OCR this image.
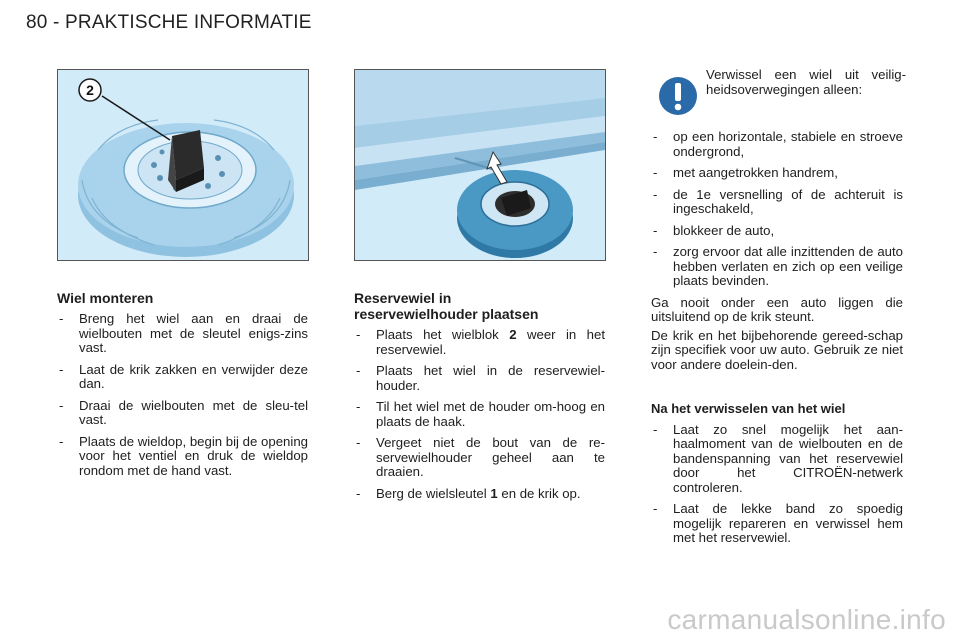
80 - PRAKTISCHE INFORMATIE
2
Wiel monteren
- Breng het wiel aan en draai de wielbouten met de sleutel enigs-zins vast.
- Laat de krik zakken en verwijder deze dan.
- Draai de wielbouten met de sleu-tel vast.
- Plaats de wieldop, begin bij de opening voor het ventiel en druk de wieldop rondom met de hand vast.
Reservewiel in
reservewielhouder plaatsen
- Plaats het wielblok 2 weer in het reservewiel.
- Plaats het wiel in de reservewiel-houder.
- Til het wiel met de houder om-hoog en plaats de haak.
- Vergeet niet de bout van de re-servewielhouder geheel aan te draaien.
- Berg de wielsleutel 1 en de krik op.
Verwissel een wiel uit veilig-heidsoverwegingen alleen:
- op een horizontale, stabiele en stroeve ondergrond,
- met aangetrokken handrem,
- de 1e versnelling of de achteruit is ingeschakeld,
- blokkeer de auto,
- zorg ervoor dat alle inzittenden de auto hebben verlaten en zich op een veilige plaats bevinden.

Ga nooit onder een auto liggen die uitsluitend op de krik steunt.

De krik en het bijbehorende gereed-schap zijn specifiek voor uw auto. Gebruik ze niet voor andere doelein-den.

Na het verwisselen van het wiel
- Laat zo snel mogelijk het aan-haalmoment van de wielbouten en de bandenspanning van het reservewiel door het CITROËN-netwerk controleren.
- Laat de lekke band zo spoedig mogelijk repareren en verwissel hem met het reservewiel.
carmanualsonline.info
